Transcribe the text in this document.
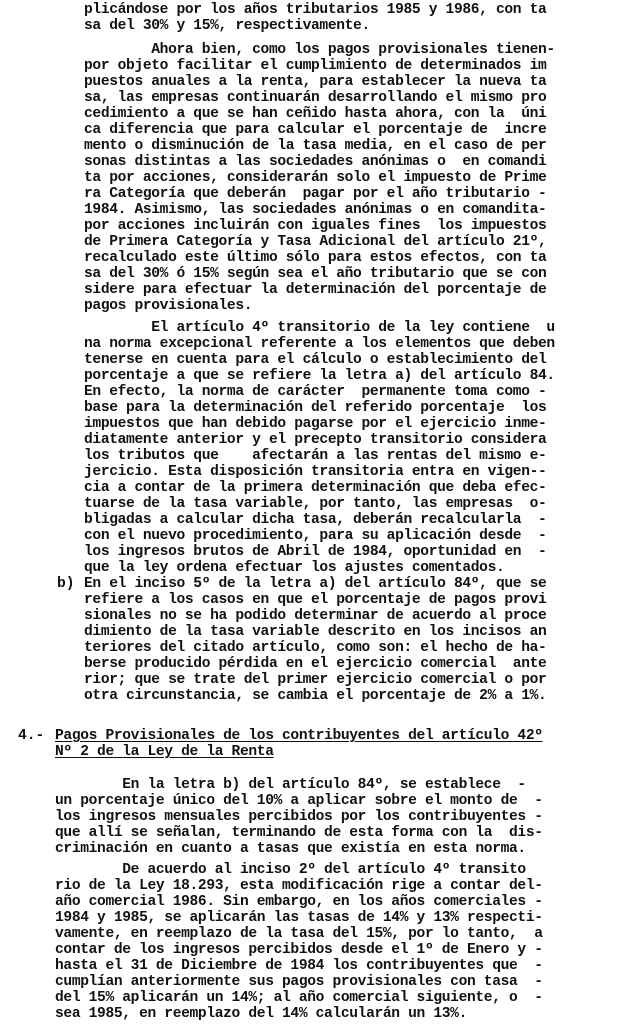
plicándose por los años tributarios 1985 y 1986, con ta
sa del 30% y 15%, respectivamente.
Ahora bien, como los pagos provisionales tienen-
por objeto facilitar el cumplimiento de determinados im
puestos anuales a la renta, para establecer la nueva ta
sa, las empresas continuarán desarrollando el mismo pro
cedimiento a que se han ceñido hasta ahora, con la  úni
ca diferencia que para calcular el porcentaje de  incre
mento o disminución de la tasa media, en el caso de per
sonas distintas a las sociedades anónimas o  en comandi
ta por acciones, considerarán solo el impuesto de Prime
ra Categoría que deberán  pagar por el año tributario -
1984. Asimismo, las sociedades anónimas o en comandita-
por acciones incluirán con iguales fines  los impuestos
de Primera Categoría y Tasa Adicional del artículo 21º,
recalculado este último sólo para estos efectos, con ta
sa del 30% ó 15% según sea el año tributario que se con
sidere para efectuar la determinación del porcentaje de
pagos provisionales.
El artículo 4º transitorio de la ley contiene  u
na norma excepcional referente a los elementos que deben
tenerse en cuenta para el cálculo o establecimiento del
porcentaje a que se refiere la letra a) del artículo 84.
En efecto, la norma de carácter  permanente toma como -
base para la determinación del referido porcentaje  los
impuestos que han debido pagarse por el ejercicio inme-
diatamente anterior y el precepto transitorio considera
los tributos que    afectarán a las rentas del mismo e-
jercicio. Esta disposición transitoria entra en vigen--
cia a contar de la primera determinación que deba efec-
tuarse de la tasa variable, por tanto, las empresas  o-
bligadas a calcular dicha tasa, deberán recalcularla  -
con el nuevo procedimiento, para su aplicación desde  -
los ingresos brutos de Abril de 1984, oportunidad en  -
que la ley ordena efectuar los ajustes comentados.
b) En el inciso 5º de la letra a) del artículo 84º, que se
refiere a los casos en que el porcentaje de pagos provi
sionales no se ha podido determinar de acuerdo al proce
dimiento de la tasa variable descrito en los incisos an
teriores del citado artículo, como son: el hecho de ha-
berse producido pérdida en el ejercicio comercial  ante
rior; que se trate del primer ejercicio comercial o por
otra circunstancia, se cambia el porcentaje de 2% a 1%.
4.- Pagos Provisionales de los contribuyentes del artículo 42º
Nº 2 de la Ley de la Renta
En la letra b) del artículo 84º, se establece  -
un porcentaje único del 10% a aplicar sobre el monto de  -
los ingresos mensuales percibidos por los contribuyentes -
que allí se señalan, terminando de esta forma con la  dis-
criminación en cuanto a tasas que existía en esta norma.
De acuerdo al inciso 2º del artículo 4º transito
rio de la Ley 18.293, esta modificación rige a contar del-
año comercial 1986. Sin embargo, en los años comerciales -
1984 y 1985, se aplicarán las tasas de 14% y 13% respecti-
vamente, en reemplazo de la tasa del 15%, por lo tanto,  a
contar de los ingresos percibidos desde el 1º de Enero y -
hasta el 31 de Diciembre de 1984 los contribuyentes que  -
cumplían anteriormente sus pagos provisionales con tasa  -
del 15% aplicarán un 14%; al año comercial siguiente, o  -
sea 1985, en reemplazo del 14% calcularán un 13%.
